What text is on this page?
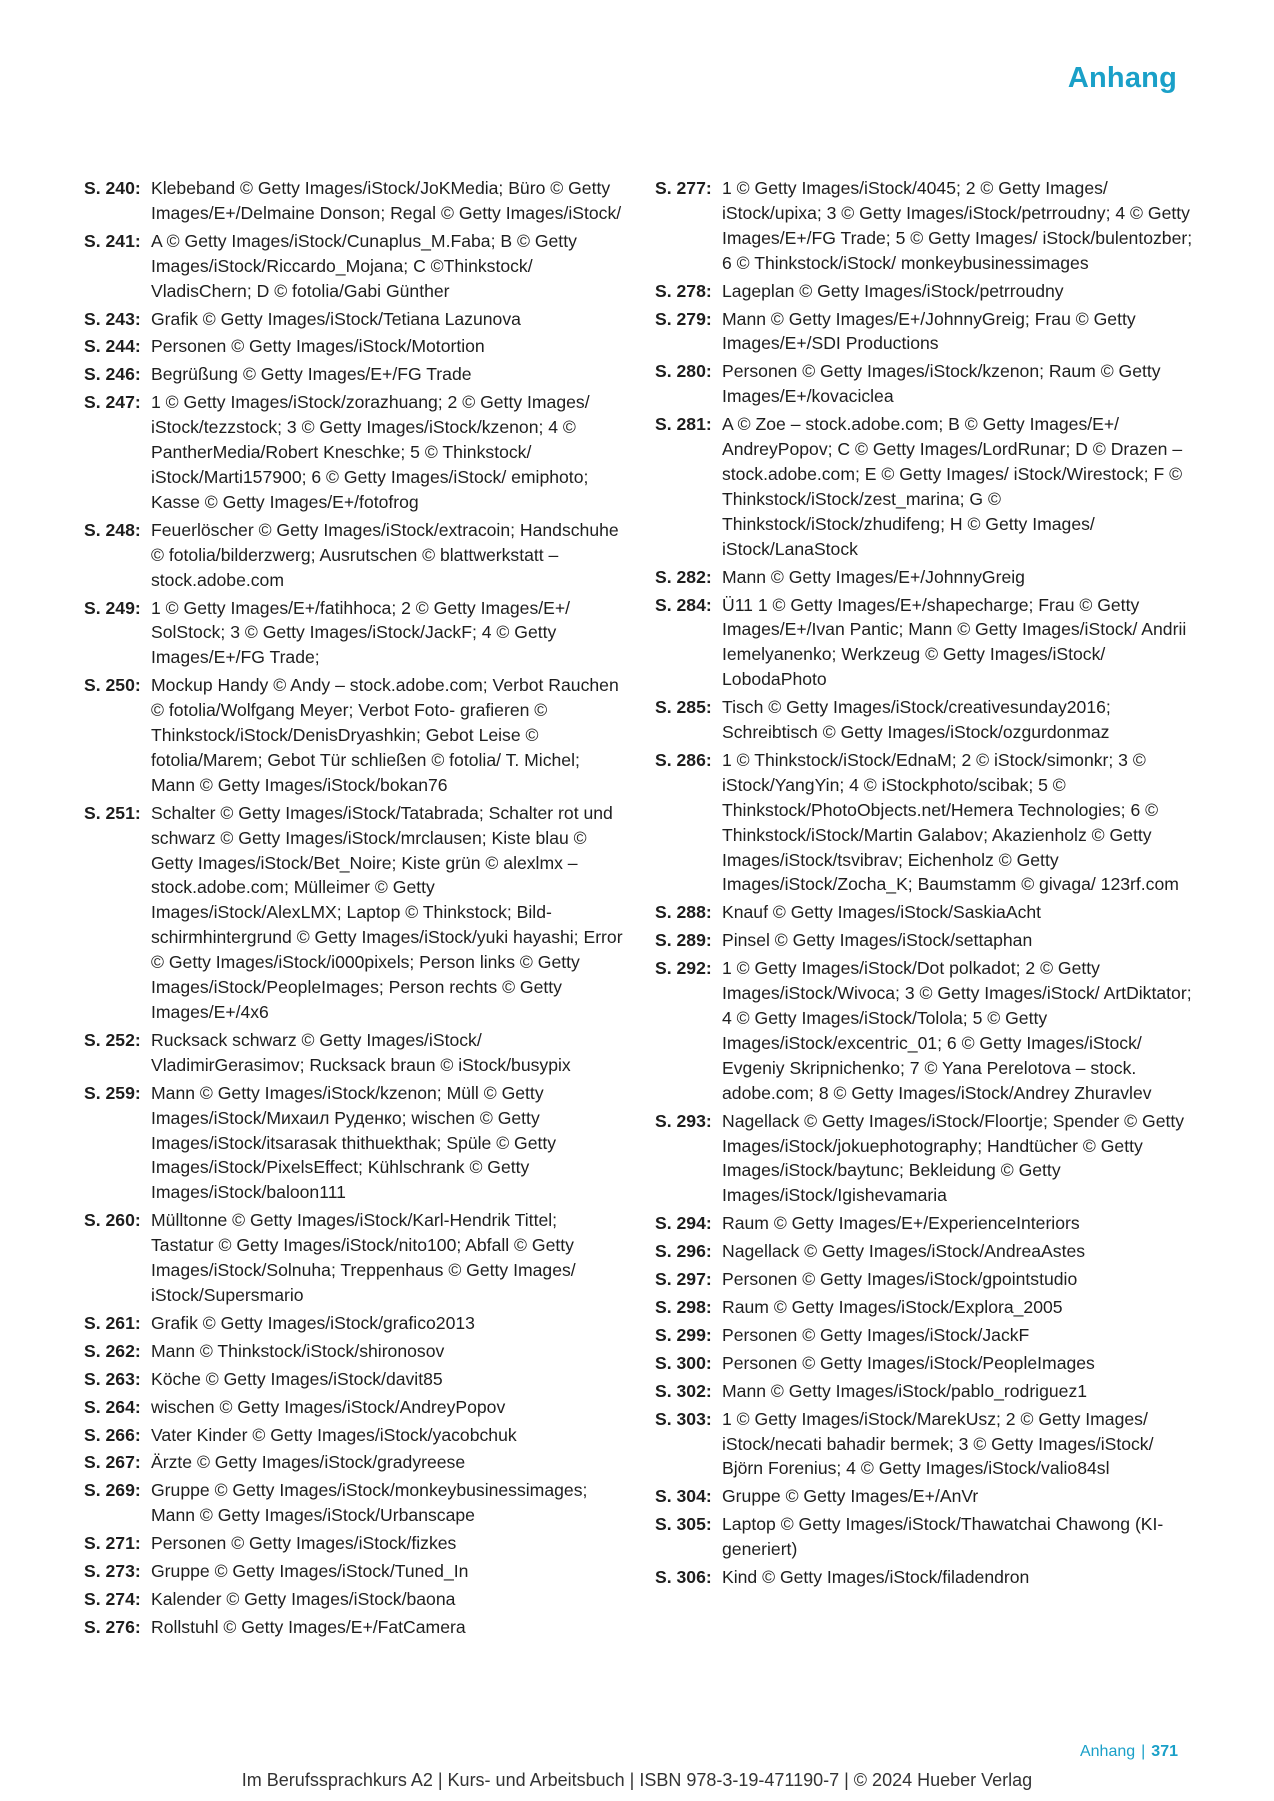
Anhang
S. 240: Klebeband © Getty Images/iStock/JoKMedia; Büro © Getty Images/E+/Delmaine Donson; Regal © Getty Images/iStock/
S. 241: A © Getty Images/iStock/Cunaplus_M.Faba; B © Getty Images/iStock/Riccardo_Mojana; C ©Thinkstock/ VladisChern; D © fotolia/Gabi Günther
S. 243: Grafik © Getty Images/iStock/Tetiana Lazunova
S. 244: Personen © Getty Images/iStock/Motortion
S. 246: Begrüßung © Getty Images/E+/FG Trade
S. 247: 1 © Getty Images/iStock/zorazhuang; 2 © Getty Images/ iStock/tezzstock; 3 © Getty Images/iStock/kzenon; 4 © PantherMedia/Robert Kneschke; 5 © Thinkstock/ iStock/Marti157900; 6 © Getty Images/iStock/ emiphoto; Kasse © Getty Images/E+/fotofrog
S. 248: Feuerlöscher © Getty Images/iStock/extracoin; Handschuhe © fotolia/bilderzwerg; Ausrutschen © blattwerkstatt – stock.adobe.com
S. 249: 1 © Getty Images/E+/fatihhoca; 2 © Getty Images/E+/ SolStock; 3 © Getty Images/iStock/JackF; 4 © Getty Images/E+/FG Trade;
S. 250: Mockup Handy © Andy – stock.adobe.com; Verbot Rauchen © fotolia/Wolfgang Meyer; Verbot Foto- grafieren © Thinkstock/iStock/DenisDryashkin; Gebot Leise © fotolia/Marem; Gebot Tür schließen © fotolia/ T. Michel; Mann © Getty Images/iStock/bokan76
S. 251: Schalter © Getty Images/iStock/Tatabrada; Schalter rot und schwarz © Getty Images/iStock/mrclausen; Kiste blau © Getty Images/iStock/Bet_Noire; Kiste grün © alexlmx – stock.adobe.com; Mülleimer © Getty Images/iStock/AlexLMX; Laptop © Thinkstock; Bild- schirmhintergrund © Getty Images/iStock/yuki hayashi; Error © Getty Images/iStock/i000pixels; Person links © Getty Images/iStock/PeopleImages; Person rechts © Getty Images/E+/4x6
S. 252: Rucksack schwarz © Getty Images/iStock/ VladimirGerasimov; Rucksack braun © iStock/busypix
S. 259: Mann © Getty Images/iStock/kzenon; Müll © Getty Images/iStock/Михаил Руденко; wischen © Getty Images/iStock/itsarasak thithuekthak; Spüle © Getty Images/iStock/PixelsEffect; Kühlschrank © Getty Images/iStock/baloon111
S. 260: Mülltonne © Getty Images/iStock/Karl-Hendrik Tittel; Tastatur © Getty Images/iStock/nito100; Abfall © Getty Images/iStock/Solnuha; Treppenhaus © Getty Images/ iStock/Supersmario
S. 261: Grafik © Getty Images/iStock/grafico2013
S. 262: Mann © Thinkstock/iStock/shironosov
S. 263: Köche © Getty Images/iStock/davit85
S. 264: wischen © Getty Images/iStock/AndreyPopov
S. 266: Vater Kinder © Getty Images/iStock/yacobchuk
S. 267: Ärzte © Getty Images/iStock/gradyreese
S. 269: Gruppe © Getty Images/iStock/monkeybusinessimages; Mann © Getty Images/iStock/Urbanscape
S. 271: Personen © Getty Images/iStock/fizkes
S. 273: Gruppe © Getty Images/iStock/Tuned_In
S. 274: Kalender © Getty Images/iStock/baona
S. 276: Rollstuhl © Getty Images/E+/FatCamera
S. 277: 1 © Getty Images/iStock/4045; 2 © Getty Images/ iStock/upixa; 3 © Getty Images/iStock/petrroudny; 4 © Getty Images/E+/FG Trade; 5 © Getty Images/ iStock/bulentozber; 6 © Thinkstock/iStock/ monkeybusinessimages
S. 278: Lageplan © Getty Images/iStock/petrroudny
S. 279: Mann © Getty Images/E+/JohnnyGreig; Frau © Getty Images/E+/SDI Productions
S. 280: Personen © Getty Images/iStock/kzenon; Raum © Getty Images/E+/kovaciclea
S. 281: A © Zoe – stock.adobe.com; B © Getty Images/E+/ AndreyPopov; C © Getty Images/LordRunar; D © Drazen – stock.adobe.com; E © Getty Images/ iStock/Wirestock; F © Thinkstock/iStock/zest_marina; G © Thinkstock/iStock/zhudifeng; H © Getty Images/ iStock/LanaStock
S. 282: Mann © Getty Images/E+/JohnnyGreig
S. 284: Ü11 1 © Getty Images/E+/shapecharge; Frau © Getty Images/E+/Ivan Pantic; Mann © Getty Images/iStock/ Andrii Iemelyanenko; Werkzeug © Getty Images/iStock/ LobodaPhoto
S. 285: Tisch © Getty Images/iStock/creativesunday2016; Schreibtisch © Getty Images/iStock/ozgurdonmaz
S. 286: 1 © Thinkstock/iStock/EdnaM; 2 © iStock/simonkr; 3 © iStock/YangYin; 4 © iStockphoto/scibak; 5 © Thinkstock/PhotoObjects.net/Hemera Technologies; 6 © Thinkstock/iStock/Martin Galabov; Akazienholz © Getty Images/iStock/tsvibrav; Eichenholz © Getty Images/iStock/Zocha_K; Baumstamm © givaga/ 123rf.com
S. 288: Knauf © Getty Images/iStock/SaskiaAcht
S. 289: Pinsel © Getty Images/iStock/settaphan
S. 292: 1 © Getty Images/iStock/Dot polkadot; 2 © Getty Images/iStock/Wivoca; 3 © Getty Images/iStock/ ArtDiktator; 4 © Getty Images/iStock/Tolola; 5 © Getty Images/iStock/excentric_01; 6 © Getty Images/iStock/ Evgeniy Skripnichenko; 7 © Yana Perelotova – stock. adobe.com; 8 © Getty Images/iStock/Andrey Zhuravlev
S. 293: Nagellack © Getty Images/iStock/Floortje; Spender © Getty Images/iStock/jokuephotography; Handtücher © Getty Images/iStock/baytunc; Bekleidung © Getty Images/iStock/Igishevamaria
S. 294: Raum © Getty Images/E+/ExperienceInteriors
S. 296: Nagellack © Getty Images/iStock/AndreaAstes
S. 297: Personen © Getty Images/iStock/gpointstudio
S. 298: Raum © Getty Images/iStock/Explora_2005
S. 299: Personen © Getty Images/iStock/JackF
S. 300: Personen © Getty Images/iStock/PeopleImages
S. 302: Mann © Getty Images/iStock/pablo_rodriguez1
S. 303: 1 © Getty Images/iStock/MarekUsz; 2 © Getty Images/ iStock/necati bahadir bermek; 3 © Getty Images/iStock/ Björn Forenius; 4 © Getty Images/iStock/valio84sl
S. 304: Gruppe © Getty Images/E+/AnVr
S. 305: Laptop © Getty Images/iStock/Thawatchai Chawong (KI-generiert)
S. 306: Kind © Getty Images/iStock/filadendron
Anhang | 371
Im Berufssprachkurs A2 | Kurs- und Arbeitsbuch | ISBN 978-3-19-471190-7 | © 2024 Hueber Verlag
